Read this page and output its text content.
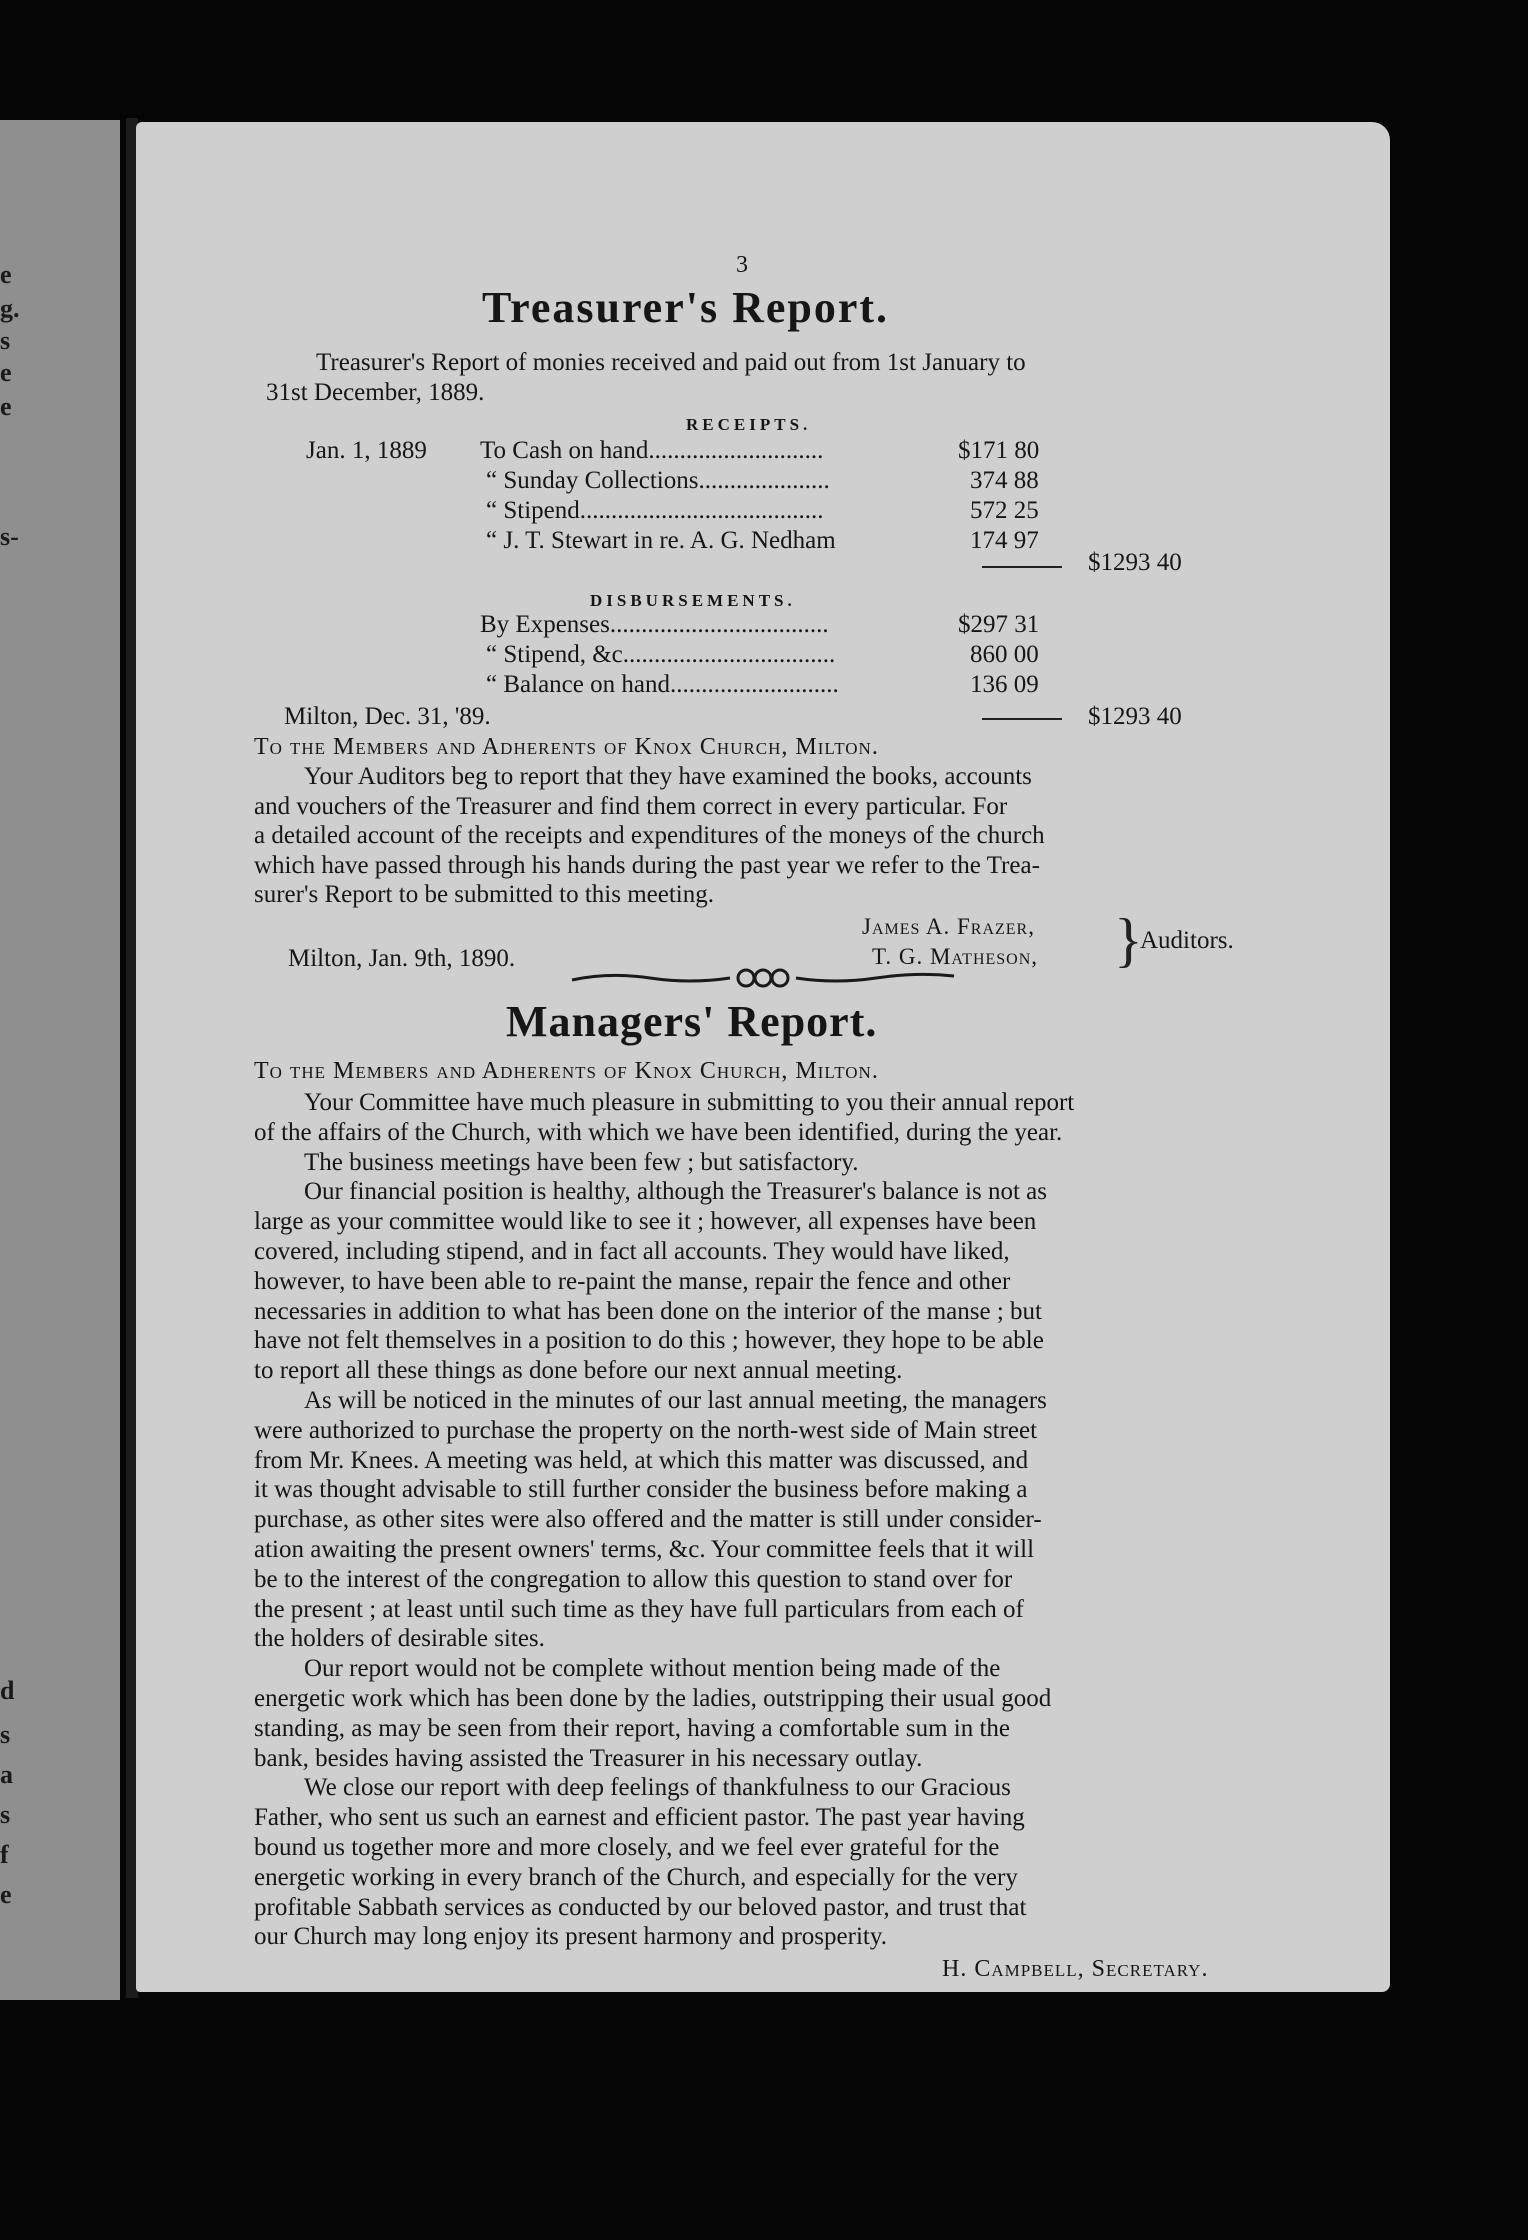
e
g.
s
e
e
s-
d
s
a
s
f
e
3
Treasurer's Report.
Treasurer's Report of monies received and paid out from 1st January to
31st December, 1889.
RECEIPTS.
Jan. 1, 1889 To Cash on hand............................	$171 80
“ Sunday Collections.....................	374 88
“ Stipend.......................................	572 25
“ J. T. Stewart in re. A. G. Nedham	174 97
$1293 40
DISBURSEMENTS.
By Expenses...................................	$297 31
“ Stipend, &c..................................	860 00
“ Balance on hand...........................	136 09
Milton, Dec. 31, '89.	$1293 40
To the Members and Adherents of Knox Church, Milton.
Your Auditors beg to report that they have examined the books, accounts
and vouchers of the Treasurer and find them correct in every particular. For
a detailed account of the receipts and expenditures of the moneys of the church
which have passed through his hands during the past year we refer to the Trea-
surer's Report to be submitted to this meeting.
James A. Frazer,
T. G. Matheson, }
Auditors.
Milton, Jan. 9th, 1890.
Managers' Report.
To the Members and Adherents of Knox Church, Milton.
Your Committee have much pleasure in submitting to you their annual report
of the affairs of the Church, with which we have been identified, during the year.
The business meetings have been few ; but satisfactory.
Our financial position is healthy, although the Treasurer's balance is not as
large as your committee would like to see it ; however, all expenses have been
covered, including stipend, and in fact all accounts. They would have liked,
however, to have been able to re-paint the manse, repair the fence and other
necessaries in addition to what has been done on the interior of the manse ; but
have not felt themselves in a position to do this ; however, they hope to be able
to report all these things as done before our next annual meeting.
As will be noticed in the minutes of our last annual meeting, the managers
were authorized to purchase the property on the north-west side of Main street
from Mr. Knees. A meeting was held, at which this matter was discussed, and
it was thought advisable to still further consider the business before making a
purchase, as other sites were also offered and the matter is still under consider-
ation awaiting the present owners' terms, &c. Your committee feels that it will
be to the interest of the congregation to allow this question to stand over for
the present ; at least until such time as they have full particulars from each of
the holders of desirable sites.
Our report would not be complete without mention being made of the
energetic work which has been done by the ladies, outstripping their usual good
standing, as may be seen from their report, having a comfortable sum in the
bank, besides having assisted the Treasurer in his necessary outlay.
We close our report with deep feelings of thankfulness to our Gracious
Father, who sent us such an earnest and efficient pastor. The past year having
bound us together more and more closely, and we feel ever grateful for the
energetic working in every branch of the Church, and especially for the very
profitable Sabbath services as conducted by our beloved pastor, and trust that
our Church may long enjoy its present harmony and prosperity.
H. Campbell, Secretary.
